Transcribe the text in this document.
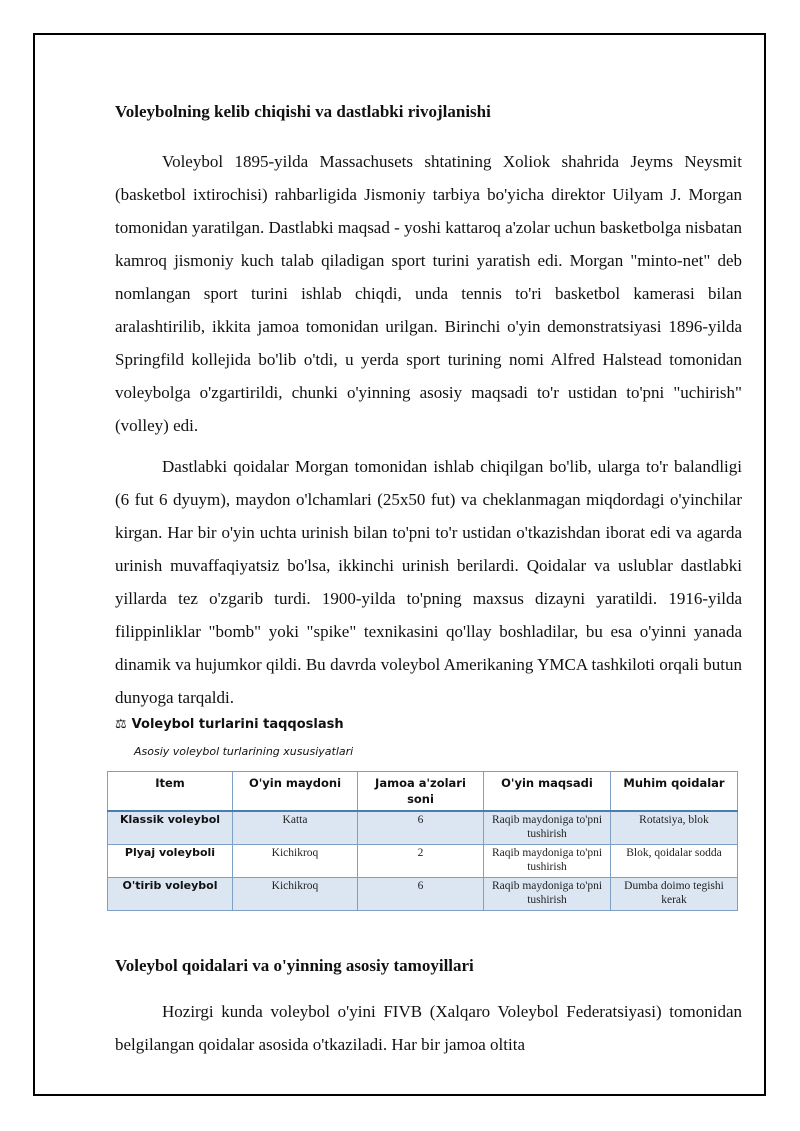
Voleybolning kelib chiqishi va dastlabki rivojlanishi

Voleybol 1895-yilda Massachusets shtatining Xoliok shahrida Jeyms Neysmit (basketbol ixtirochisi) rahbarligida Jismoniy tarbiya bo'yicha direktor Uilyam J. Morgan tomonidan yaratilgan. Dastlabki maqsad - yoshi kattaroq a'zolar uchun basketbolga nisbatan kamroq jismoniy kuch talab qiladigan sport turini yaratish edi. Morgan "minto-net" deb nomlangan sport turini ishlab chiqdi, unda tennis to'ri basketbol kamerasi bilan aralashtirilib, ikkita jamoa tomonidan urilgan. Birinchi o'yin demonstratsiyasi 1896-yilda Springfild kollejida bo'lib o'tdi, u yerda sport turining nomi Alfred Halstead tomonidan voleybolga o'zgartirildi, chunki o'yinning asosiy maqsadi to'r ustidan to'pni "uchirish" (volley) edi.

Dastlabki qoidalar Morgan tomonidan ishlab chiqilgan bo'lib, ularga to'r balandligi (6 fut 6 dyuym), maydon o'lchamlari (25x50 fut) va cheklanmagan miqdordagi o'yinchilar kirgan. Har bir o'yin uchta urinish bilan to'pni to'r ustidan o'tkazishdan iborat edi va agarda urinish muvaffaqiyatsiz bo'lsa, ikkinchi urinish berilardi. Qoidalar va uslublar dastlabki yillarda tez o'zgarib turdi. 1900-yilda to'pning maxsus dizayni yaratildi. 1916-yilda filippinliklar "bomb" yoki "spike" texnikasini qo'llay boshladilar, bu esa o'yinni yanada dinamik va hujumkor qildi. Bu davrda voleybol Amerikaning YMCA tashkiloti orqali butun dunyoga tarqaldi.

⚖ Voleybol turlarini taqqoslash
Asosiy voleybol turlarining xususiyatlari
Item	O'yin maydoni	Jamoa a'zolari soni	O'yin maqsadi	Muhim qoidalar
Klassik voleybol	Katta	6	Raqib maydoniga to'pni tushirish	Rotatsiya, blok
Plyaj voleyboli	Kichikroq	2	Raqib maydoniga to'pni tushirish	Blok, qoidalar sodda
O'tirib voleybol	Kichikroq	6	Raqib maydoniga to'pni tushirish	Dumba doimo tegishi kerak

Voleybol qoidalari va o'yinning asosiy tamoyillari

Hozirgi kunda voleybol o'yini FIVB (Xalqaro Voleybol Federatsiyasi) tomonidan belgilangan qoidalar asosida o'tkaziladi. Har bir jamoa oltita
